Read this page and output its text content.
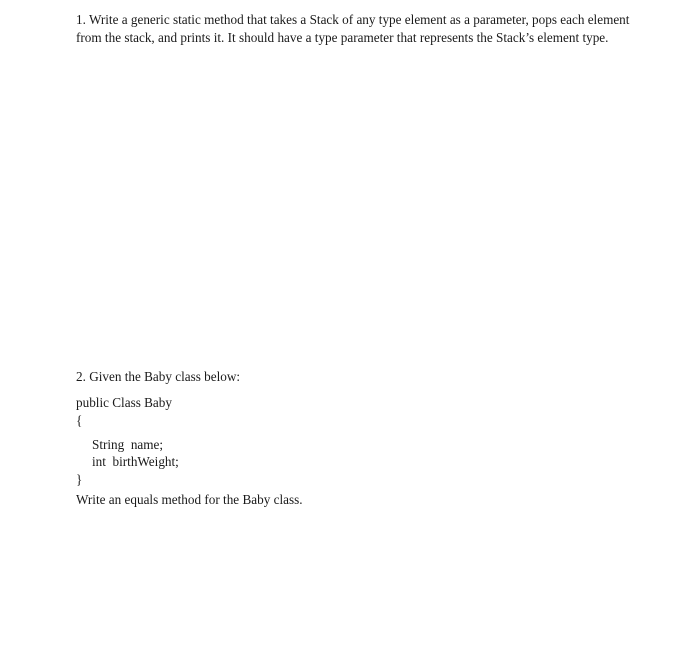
1. Write a generic static method that takes a Stack of any type element as a parameter, pops each element from the stack, and prints it. It should have a type parameter that represents the Stack’s element type.
2. Given the Baby class below:
public Class Baby
{
String  name;
int  birthWeight;
}
Write an equals method for the Baby class.
